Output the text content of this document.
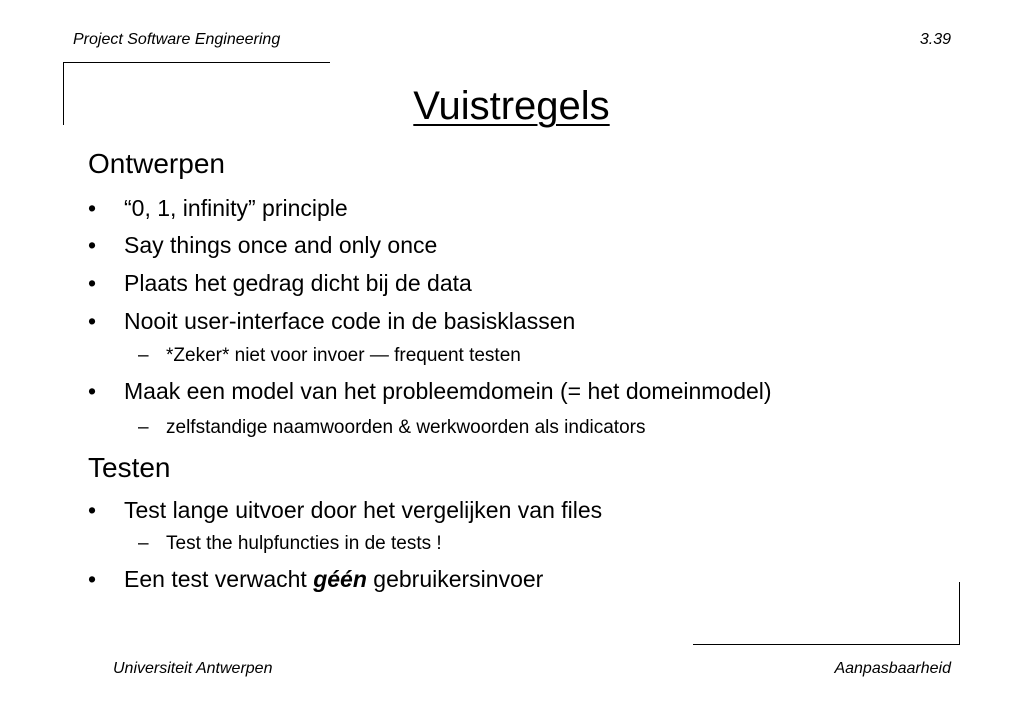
Project Software Engineering	3.39
Vuistregels
Ontwerpen
• “0, 1, infinity” principle
• Say things once and only once
• Plaats het gedrag dicht bij de data
• Nooit user-interface code in de basisklassen
– *Zeker* niet voor invoer — frequent testen
• Maak een model van het probleemdomein (= het domeinmodel)
– zelfstandige naamwoorden & werkwoorden als indicators
Testen
• Test lange uitvoer door het vergelijken van files
– Test the hulpfuncties in de tests !
• Een test verwacht géén gebruikersinvoer
Universiteit Antwerpen	Aanpasbaarheid
